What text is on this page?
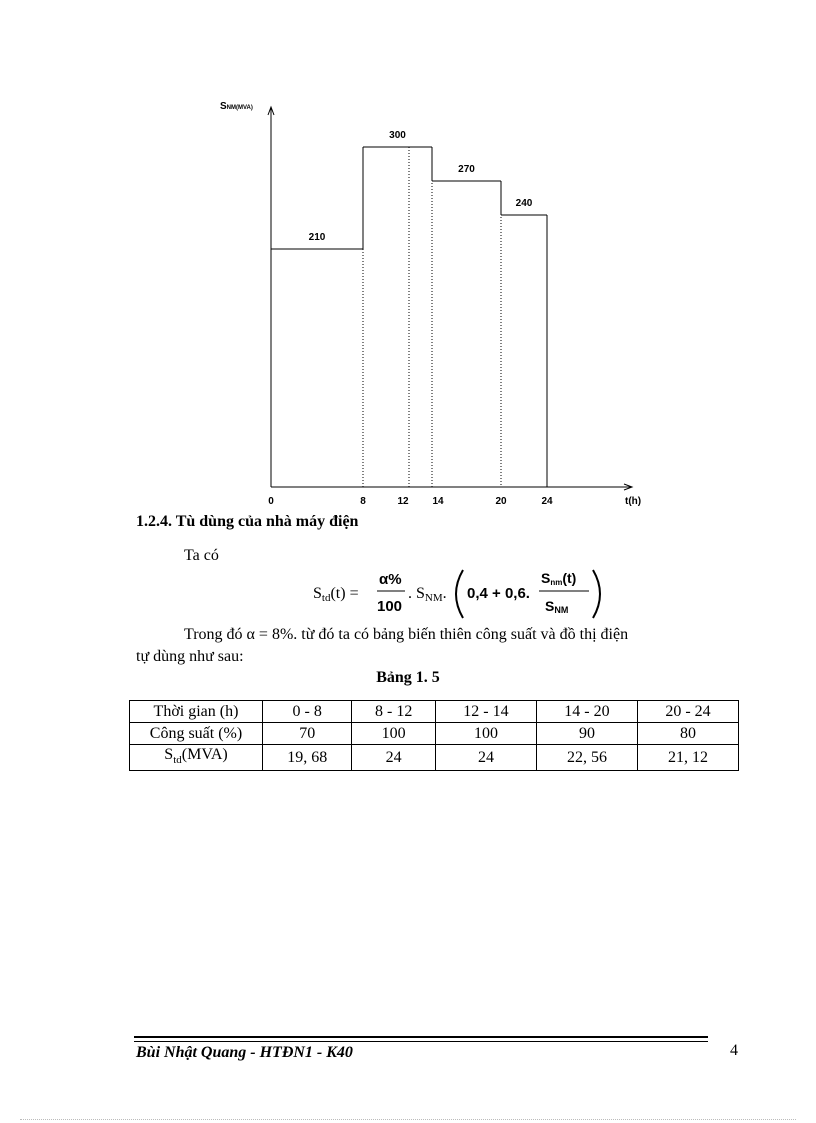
SNM(MVA)
t(h)
0	8	12 14	20	24
210
300
270
240
1.2.4. Tù dùng của nhà máy điện
Ta có
Std(t) =
α%
100
. SNM. 0,4 + 0,6.
Snm(t)
SNM
Trong đó α = 8%. từ đó ta có bảng biến thiên công suất và đồ thị điện
tự dùng như sau:
Bảng 1. 5
Thời gian (h)	0 - 8	8 - 12	12 - 14	14 - 20	20 - 24
Công suất (%)	70	100	100	90	80
$S_{td}(MVA)$	19, 68	24	24	22, 56	21, 12
Bùi Nhật Quang - HTĐN1 - K40	4
